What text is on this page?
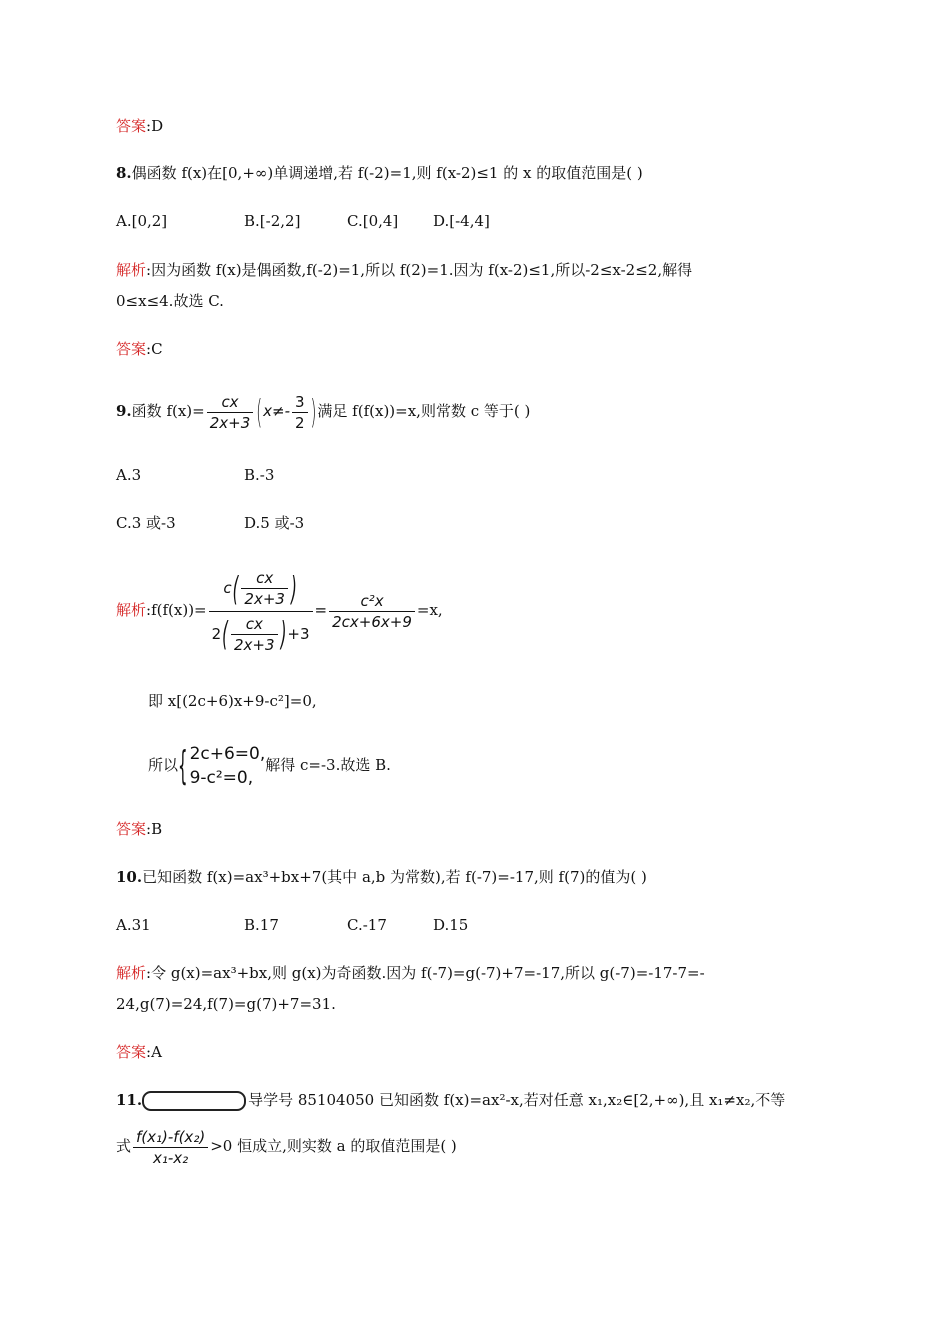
答案:D
8.偶函数 f(x)在[0,+∞)单调递增,若 f(-2)=1,则 f(x-2)≤1 的 x 的取值范围是( )
A.[0,2]	B.[-2,2]	C.[0,4] D.[-4,4]
解析:因为函数 f(x)是偶函数,f(-2)=1,所以 f(2)=1.因为 f(x-2)≤1,所以-2≤x-2≤2,解得
0≤x≤4.故选 C.
答案:C
9.函数 $f(x)= \frac{cx}{2x+3} (x\ne- \frac{3}{2}$ )满足 f(f(x))=x,则常数 c 等于( )
A.3	B.-3
C.3 或-3	D.5 或-3
解析:f(f(x))= $\frac{c( \frac{cx}{2x+3} )}{2( \frac{cx}{2x+3} )+3} = \frac{\text{c²x}}{2cx+6x+9} =x$,
即 x[(2c+6)x+9-c²]=0,
所以{ 2c+6=0,
9-c²=0,
解得 c=-3.故选 B.
答案:B
10.已知函数 f(x)=ax³+bx+7(其中 a,b 为常数),若 f(-7)=-17,则 f(7)的值为( )
A.31	B.17	C.-17	D.15
解析:令 g(x)=ax³+bx,则 g(x)为奇函数.因为 f(-7)=g(-7)+7=-17,所以 g(-7)=-17-7=-
24,g(7)=24,f(7)=g(7)+7=31.
答案:A
11.	导学号 85104050 已知函数 f(x)=ax²-x,若对任意 x₁,x₂∈[2,+∞),且 x₁≠x₂,不等
式 $\frac{\text{f(x₁)-f(x₂)}}{\text{x₁-x₂}} >0$ 恒成立,则实数 a 的取值范围是( )
